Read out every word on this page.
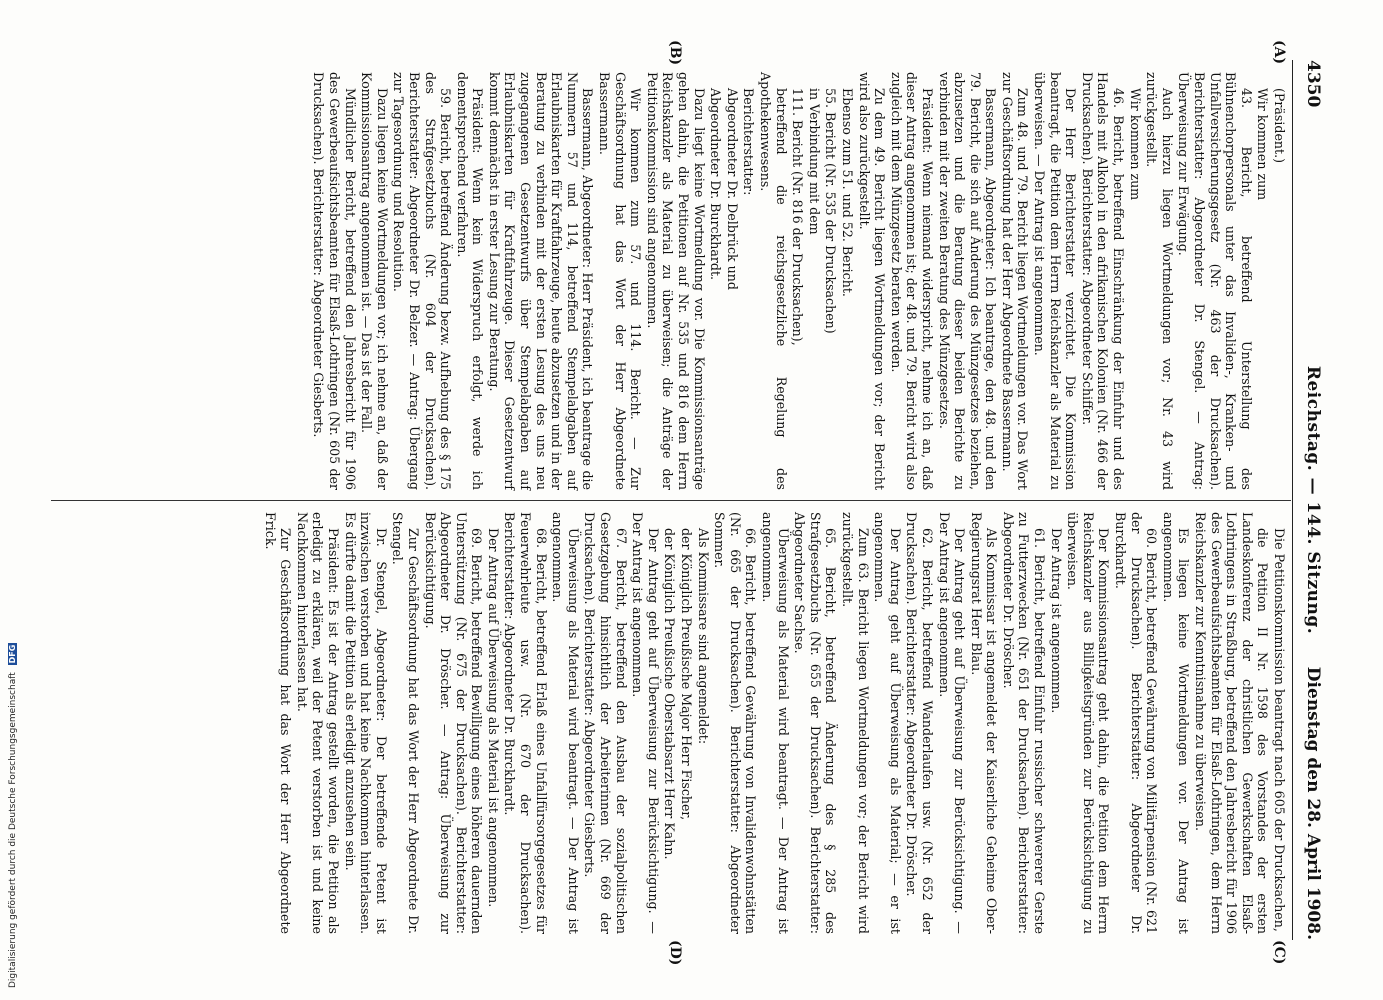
4350
Reichstag. — 144. Sitzung.
Dienstag den 28. April 1908.
(A)
(B)
(C)
(D)

(Präsident.)

Wir kommen zum

43. Bericht, betreffend Unterstellung des Bühnenchorpersonals unter das Invaliden-, Kranken- und Unfallversicherungsgesetz (Nr. 463 der Drucksachen). Berichterstatter: Abgeordneter Dr. Stengel. — Antrag: Überweisung zur Erwägung.

Auch hierzu liegen Wortmeldungen vor; Nr. 43 wird zurückgestellt.

Wir kommen zum

46. Bericht, betreffend Einschränkung der Einfuhr und des Handels mit Alkohol in den afrikanischen Kolonien (Nr. 466 der Drucksachen). Berichterstatter: Abgeordneter Schiffer.

Der Herr Berichterstatter verzichtet. Die Kommission beantragt, die Petition dem Herrn Reichskanzler als Material zu überweisen. — Der Antrag ist angenommen.

Zum 48. und 79. Bericht liegen Wortmeldungen vor. Das Wort zur Geschäftsordnung hat der Herr Abgeordnete Bassermann.

Bassermann, Abgeordneter: Ich beantrage, den 48. und den 79. Bericht, die sich auf Änderung des Münzgesetzes beziehen, abzusetzen und die Beratung dieser beiden Berichte zu verbinden mit der zweiten Beratung des Münzgesetzes.

Präsident: Wenn niemand widerspricht, nehme ich an, daß dieser Antrag angenommen ist; der 48. und 79. Bericht wird also zugleich mit dem Münzgesetz beraten werden.

Zu dem 49. Bericht liegen Wortmeldungen vor; der Bericht wird also zurückgestellt.

Ebenso zum 51. und 52. Bericht.

55. Bericht (Nr. 535 der Drucksachen)

in Verbindung mit dem

111. Bericht (Nr. 816 der Drucksachen),

betreffend die reichsgesetzliche Regelung des Apothekenwesens.

Berichterstatter:

Abgeordneter Dr. Delbrück und

Abgeordneter Dr. Burckhardt.

Dazu liegt keine Wortmeldung vor. Die Kommissionsanträge gehen dahin, die Petitionen auf Nr. 535 und 816 dem Herrn Reichskanzler als Material zu überweisen; die Anträge der Petitionskommission sind angenommen.

Wir kommen zum 57. und 114. Bericht. — Zur Geschäftsordnung hat das Wort der Herr Abgeordnete Bassermann.

Bassermann, Abgeordneter: Herr Präsident, ich beantrage die Nummern 57 und 114, betreffend Stempelabgaben auf Erlaubniskarten für Kraftfahrzeuge, heute abzusetzen und in der Beratung zu verbinden mit der ersten Lesung des uns neu zugegangenen Gesetzentwurfs über Stempelabgaben auf Erlaubniskarten für Kraftfahrzeuge. Dieser Gesetzentwurf kommt demnächst in erster Lesung zur Beratung.

Präsident: Wenn kein Widerspruch erfolgt, werde ich dementsprechend verfahren.

59. Bericht, betreffend Änderung bezw. Aufhebung des § 175 des Strafgesetzbuchs (Nr. 604 der Drucksachen). Berichterstatter: Abgeordneter Dr. Belzer. — Antrag: Übergang zur Tagesordnung und Resolution.

Dazu liegen keine Wortmeldungen vor; ich nehme an, daß der Kommissionsantrag angenommen ist. — Das ist der Fall.

Mündlicher Bericht, betreffend den Jahresbericht für 1906 des Gewerbeaufsichtsbeamten für Elsaß-Lothringen (Nr. 605 der Drucksachen). Berichterstatter: Abgeordneter Giesberts.

Die Petitionskommission beantragt nach 605 der Drucksachen,

die Petition II Nr. 1598 des Vorstandes der ersten Landeskonferenz der christlichen Gewerkschaften Elsaß-Lothringens in Straßburg, betreffend den Jahresbericht für 1906 des Gewerbeaufsichtsbeamten für Elsaß-Lothringen, dem Herrn Reichskanzler zur Kenntnisnahme zu überweisen.

Es liegen keine Wortmeldungen vor. Der Antrag ist angenommen.

60. Bericht, betreffend Gewährung von Militärpension (Nr. 621 der Drucksachen). Berichterstatter: Abgeordneter Dr. Burckhardt.

Der Kommissionsantrag geht dahin, die Petition dem Herrn Reichskanzler aus Billigkeitsgründen zur Berücksichtigung zu überweisen.

Der Antrag ist angenommen.

61. Bericht, betreffend Einfuhr russischer schwererer Gerste zu Futterzwecken (Nr. 651 der Drucksachen). Berichterstatter: Abgeordneter Dr. Dröscher.

Als Kommissar ist angemeldet der Kaiserliche Geheime Ober-Regierungsrat Herr Blau.

Der Antrag geht auf Überweisung zur Berücksichtigung. — Der Antrag ist angenommen.

62. Bericht, betreffend Wanderlaufen usw. (Nr. 652 der Drucksachen). Berichterstatter: Abgeordneter Dr. Dröscher.

Der Antrag geht auf Überweisung als Material; — er ist angenommen.

Zum 63. Bericht liegen Wortmeldungen vor; der Bericht wird zurückgestellt.

65. Bericht, betreffend Änderung des § 285 des Strafgesetzbuchs (Nr. 655 der Drucksachen). Berichterstatter: Abgeordneter Sachse.

Überweisung als Material wird beantragt. — Der Antrag ist angenommen.

66. Bericht, betreffend Gewährung von Invalidenwohnstätten (Nr. 665 der Drucksachen). Berichterstatter: Abgeordneter Sommer.

Als Kommissare sind angemeldet:

der Königlich Preußische Major Herr Fischer,

der Königlich Preußische Oberstabsarzt Herr Kahn.

Der Antrag geht auf Überweisung zur Berücksichtigung. — Der Antrag ist angenommen.

67. Bericht, betreffend den Ausbau der sozialpolitischen Gesetzgebung hinsichtlich der Arbeiterinnen (Nr. 669 der Drucksachen). Berichterstatter: Abgeordneter Giesberts.

Überweisung als Material wird beantragt. — Der Antrag ist angenommen.

68. Bericht, betreffend Erlaß eines Unfallfürsorgegesetzes für Feuerwehrleute usw. (Nr. 670 der Drucksachen). Berichterstatter: Abgeordneter Dr. Burckhardt.

Der Antrag auf Überweisung als Material ist angenommen.

69. Bericht, betreffend Bewilligung eines höheren dauernden Unterstützung (Nr. 675 der Drucksachen). Berichterstatter: Abgeordneter Dr. Dröscher. — Antrag: Überweisung zur Berücksichtigung.

Zur Geschäftsordnung hat das Wort der Herr Abgeordnete Dr. Stengel.

Dr. Stengel, Abgeordneter: Der betreffende Petent ist inzwischen verstorben und hat keine Nachkommen hinterlassen. Es dürfte damit die Petition als erledigt anzusehen sein.

Präsident: Es ist der Antrag gestellt worden, die Petition als erledigt zu erklären, weil der Petent verstorben ist und keine Nachkommen hinterlassen hat.

Zur Geschäftsordnung hat das Wort der Herr Abgeordnete Frick.

Digitalisierung gefördert durch die Deutsche Forschungsgemeinschaft DFG
